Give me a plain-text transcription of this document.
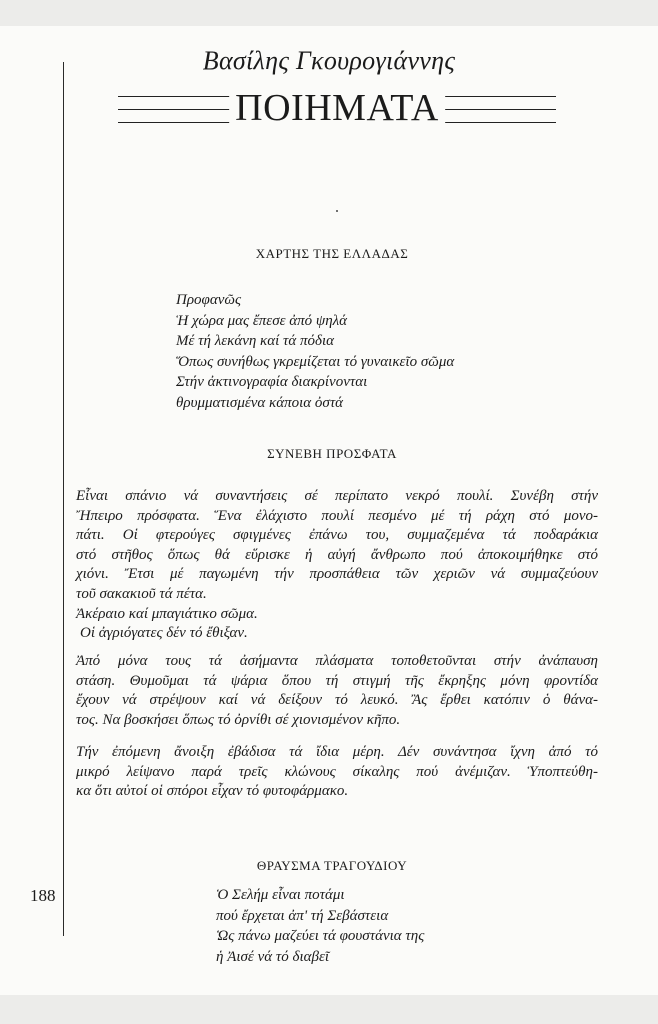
188
Βασίλης Γκουρογιάννης
ΠΟΙΗΜΑΤΑ
ΧΑΡΤΗΣ ΤΗΣ ΕΛΛΑΔΑΣ
Προφανῶς
Ἡ χώρα μας ἔπεσε ἀπό ψηλά
Μέ τή λεκάνη καί τά πόδια
Ὅπως συνήθως γκρεμίζεται τό γυναικεῖο σῶμα
Στήν ἀκτινογραφία διακρίνονται
θρυμματισμένα κάποια ὀστά
ΣΥΝΕΒΗ ΠΡΟΣΦΑΤΑ
Εἶναι σπάνιο νά συναντήσεις σέ περίπατο νεκρό πουλί. Συνέβη στήν
Ἤπειρο πρόσφατα. Ἕνα ἐλάχιστο πουλί πεσμένο μέ τή ράχη στό μονο-
πάτι. Οἱ φτερούγες σφιγμένες ἐπάνω του, συμμαζεμένα τά ποδαράκια
στό στῆθος ὅπως θά εὕρισκε ἡ αὐγή ἄνθρωπο πού ἀποκοιμήθηκε στό
χιόνι. Ἔτσι μέ παγωμένη τήν προσπάθεια τῶν χεριῶν νά συμμαζεύουν
τοῦ σακακιοῦ τά πέτα.
Ἀκέραιο καί μπαγιάτικο σῶμα.
Οἱ ἀγριόγατες δέν τό ἔθιξαν.
Ἀπό μόνα τους τά ἀσήμαντα πλάσματα τοποθετοῦνται στήν ἀνάπαυση
στάση. Θυμοῦμαι τά ψάρια ὅπου τή στιγμή τῆς ἔκρηξης μόνη φροντίδα
ἔχουν νά στρέψουν καί νά δείξουν τό λευκό. Ἂς ἔρθει κατόπιν ὁ θάνα-
τος. Να βοσκήσει ὅπως τό ὀρνίθι σέ χιονισμένον κῆπο.
Τήν ἐπόμενη ἄνοιξη ἐβάδισα τά ἴδια μέρη. Δέν συνάντησα ἴχνη ἀπό τό
μικρό λείψανο παρά τρεῖς κλώνους σίκαλης πού ἀνέμιζαν. Ὑποπτεύθη-
κα ὅτι αὐτοί οἱ σπόροι εἶχαν τό φυτοφάρμακο.
ΘΡΑΥΣΜΑ ΤΡΑΓΟΥΔΙΟΥ
Ὁ Σελήμ εἶναι ποτάμι
πού ἔρχεται ἀπ' τή Σεβάστεια
Ὡς πάνω μαζεύει τά φουστάνια της
ἡ Ἀισέ νά τό διαβεῖ
